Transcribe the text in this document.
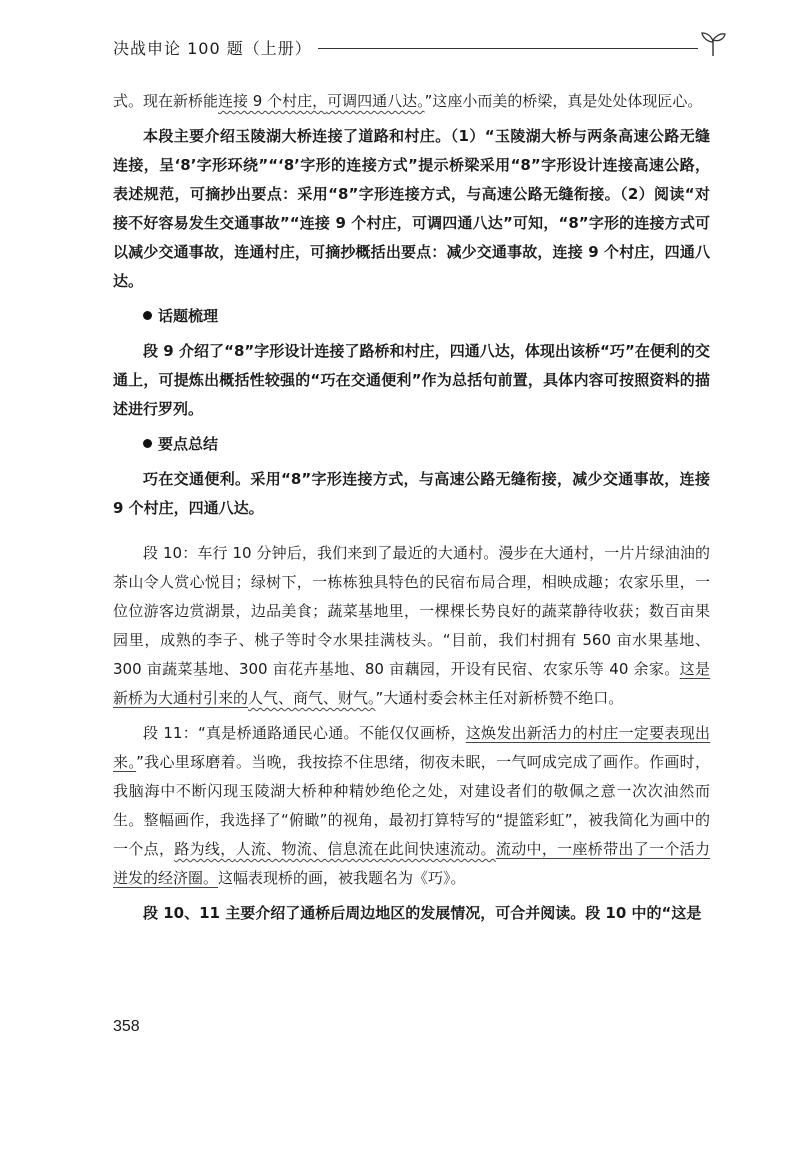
决战申论 100 题（上册）

式。现在新桥能连接 9 个村庄，可调四通八达。”这座小而美的桥梁，真是处处体现匠心。

本段主要介绍玉陵湖大桥连接了道路和村庄。（1）“玉陵湖大桥与两条高速公路无缝连接，呈‘8’字形环绕”“‘8’字形的连接方式”提示桥梁采用“8”字形设计连接高速公路，表述规范，可摘抄出要点：采用“8”字形连接方式，与高速公路无缝衔接。（2）阅读“对接不好容易发生交通事故”“连接 9 个村庄，可调四通八达”可知，“8”字形的连接方式可以减少交通事故，连通村庄，可摘抄概括出要点：减少交通事故，连接 9 个村庄，四通八达。

话题梳理

段 9 介绍了“8”字形设计连接了路桥和村庄，四通八达，体现出该桥“巧”在便利的交通上，可提炼出概括性较强的“巧在交通便利”作为总括句前置，具体内容可按照资料的描述进行罗列。

要点总结

巧在交通便利。采用“8”字形连接方式，与高速公路无缝衔接，减少交通事故，连接 9 个村庄，四通八达。

段 10：车行 10 分钟后，我们来到了最近的大通村。漫步在大通村，一片片绿油油的茶山令人赏心悦目；绿树下，一栋栋独具特色的民宿布局合理，相映成趣；农家乐里，一位位游客边赏湖景，边品美食；蔬菜基地里，一棵棵长势良好的蔬菜静待收获；数百亩果园里，成熟的李子、桃子等时令水果挂满枝头。“目前，我们村拥有 560 亩水果基地、300 亩蔬菜基地、300 亩花卉基地、80 亩藕园，开设有民宿、农家乐等 40 余家。这是新桥为大通村引来的人气、商气、财气。”大通村委会林主任对新桥赞不绝口。

段 11：“真是桥通路通民心通。不能仅仅画桥，这焕发出新活力的村庄一定要表现出来。”我心里琢磨着。当晚，我按捺不住思绪，彻夜未眠，一气呵成完成了画作。作画时，我脑海中不断闪现玉陵湖大桥种种精妙绝伦之处，对建设者们的敬佩之意一次次油然而生。整幅画作，我选择了“俯瞰”的视角，最初打算特写的“提篮彩虹”，被我简化为画中的一个点，路为线，人流、物流、信息流在此间快速流动。流动中，一座桥带出了一个活力迸发的经济圈。这幅表现桥的画，被我题名为《巧》。

段 10、11 主要介绍了通桥后周边地区的发展情况，可合并阅读。段 10 中的“这是

358
